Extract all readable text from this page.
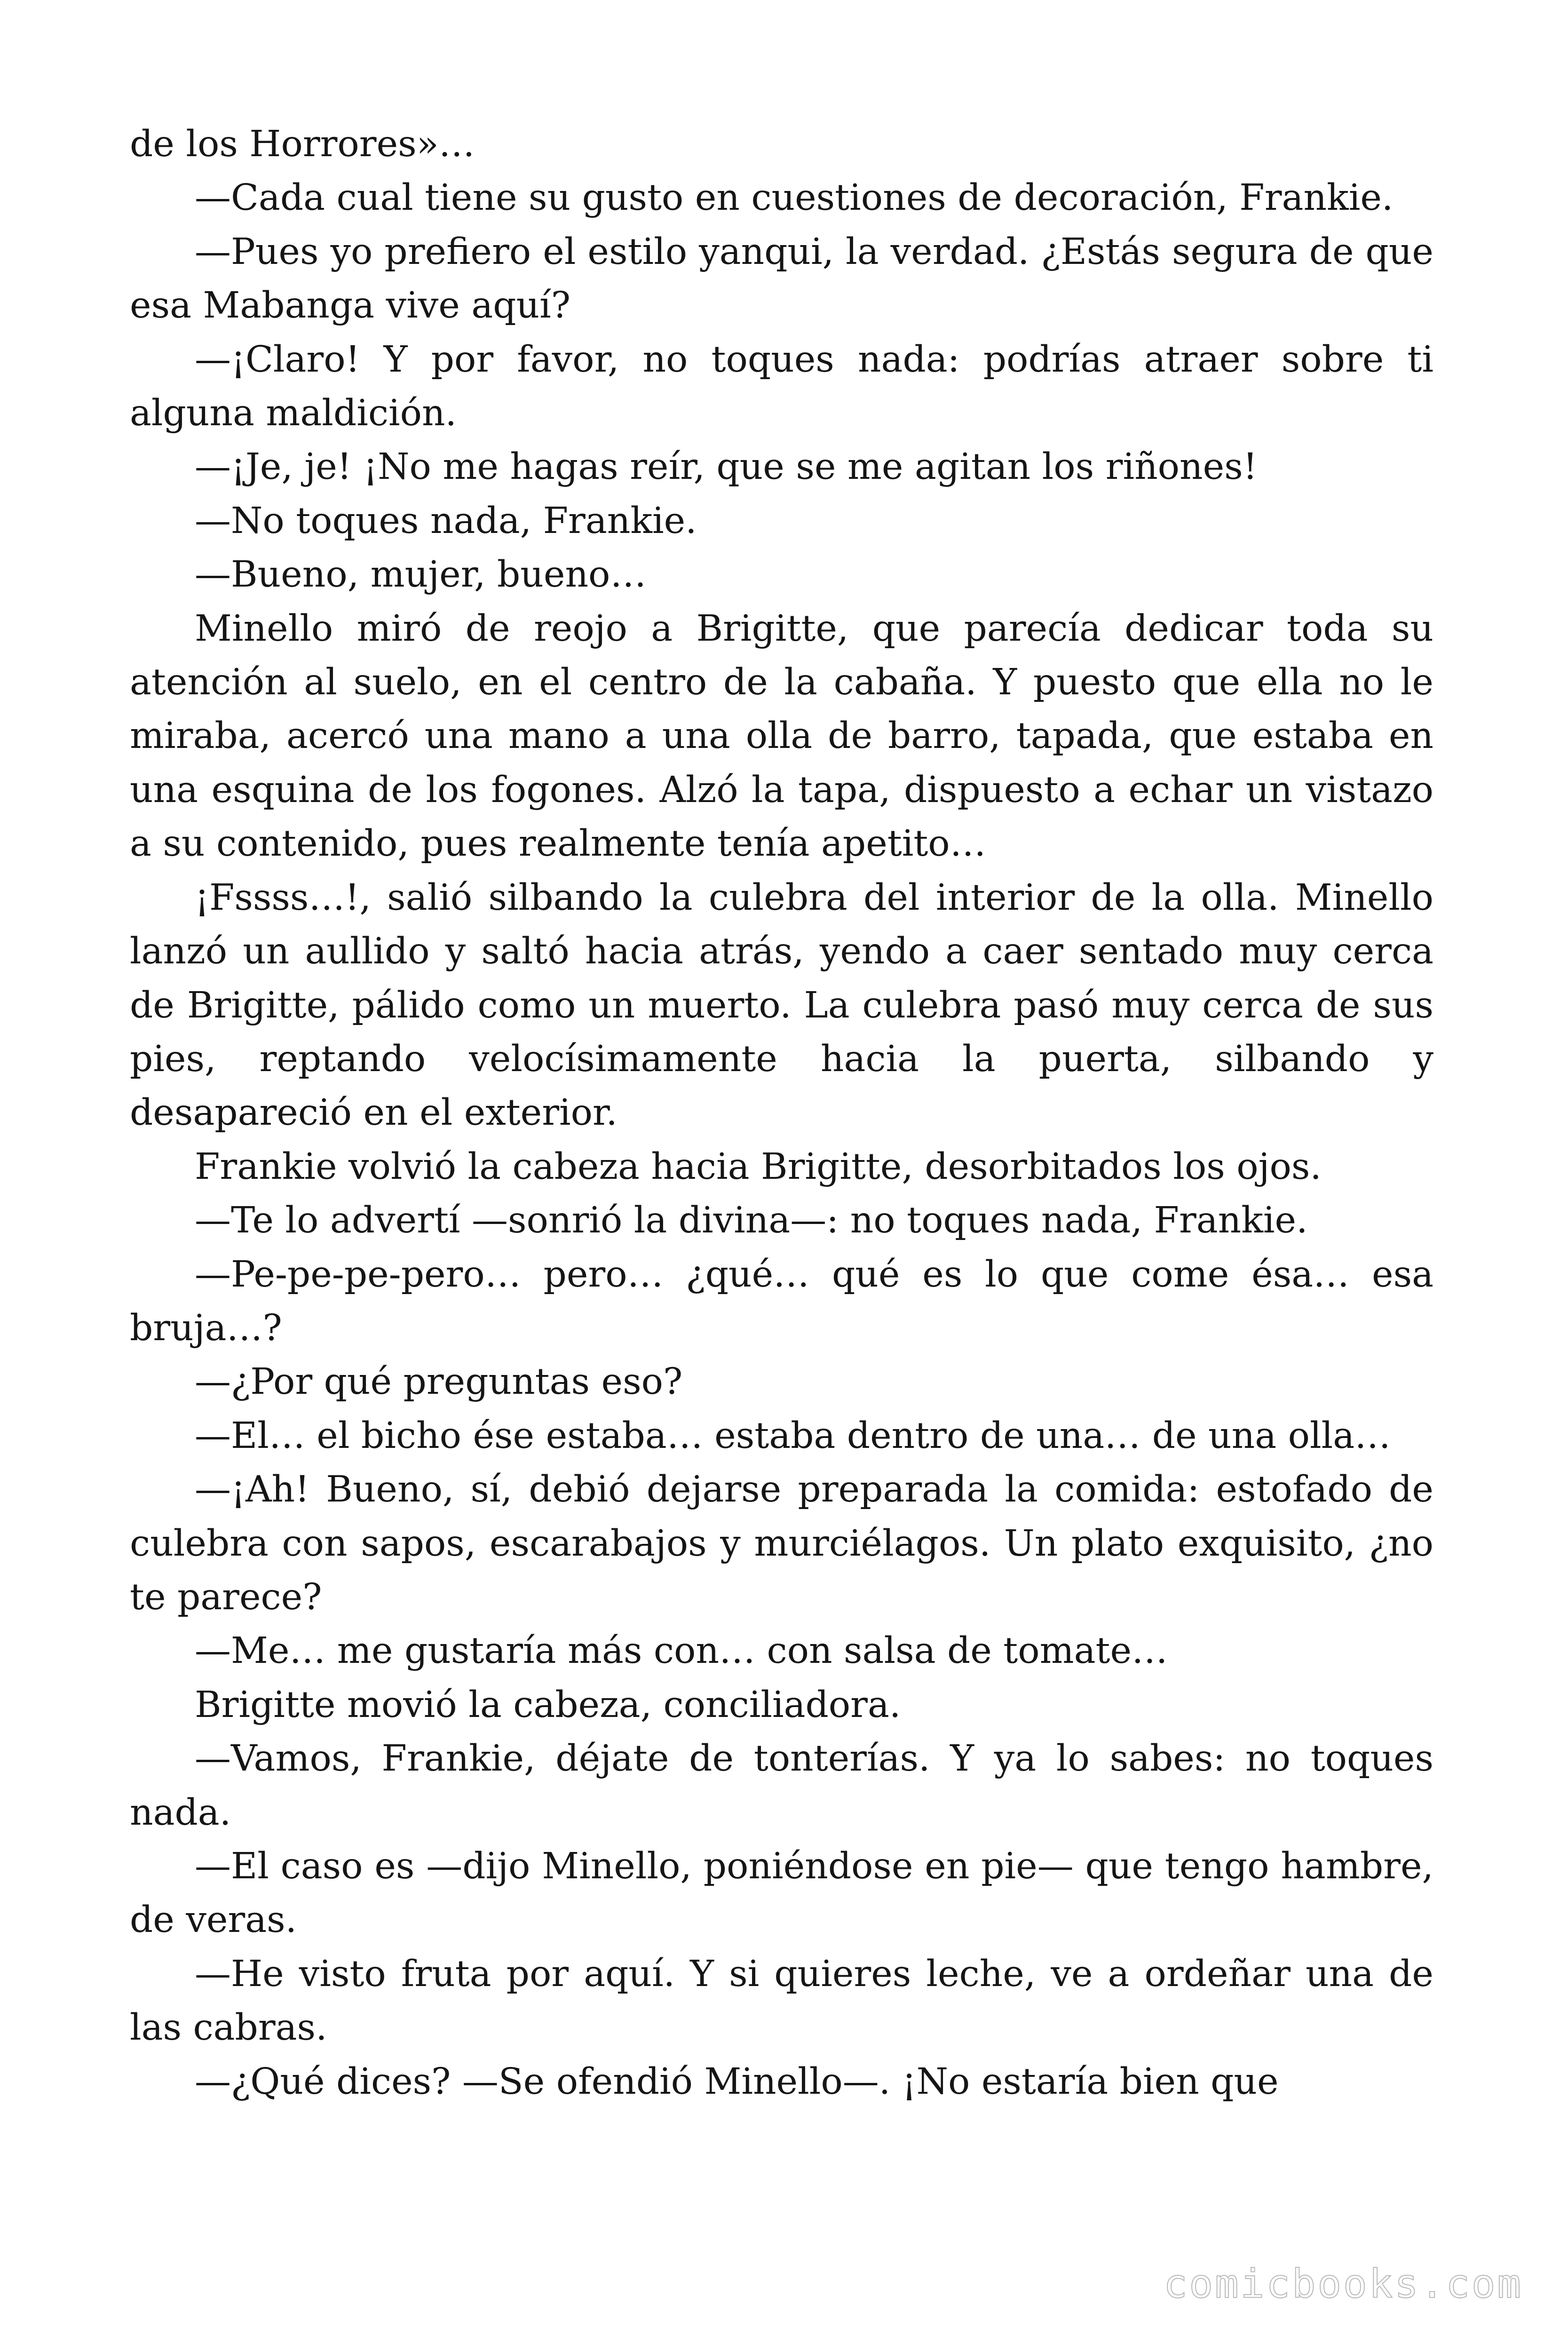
de los Horrores»…

—Cada cual tiene su gusto en cuestiones de decoración, Frankie.

—Pues yo prefiero el estilo yanqui, la verdad. ¿Estás segura de que esa Mabanga vive aquí?

—¡Claro! Y por favor, no toques nada: podrías atraer sobre ti alguna maldición.

—¡Je, je! ¡No me hagas reír, que se me agitan los riñones!

—No toques nada, Frankie.

—Bueno, mujer, bueno…

Minello miró de reojo a Brigitte, que parecía dedicar toda su atención al suelo, en el centro de la cabaña. Y puesto que ella no le miraba, acercó una mano a una olla de barro, tapada, que estaba en una esquina de los fogones. Alzó la tapa, dispuesto a echar un vistazo a su contenido, pues realmente tenía apetito…

¡Fssss…!, salió silbando la culebra del interior de la olla. Minello lanzó un aullido y saltó hacia atrás, yendo a caer sentado muy cerca de Brigitte, pálido como un muerto. La culebra pasó muy cerca de sus pies, reptando velocísimamente hacia la puerta, silbando y desapareció en el exterior.

Frankie volvió la cabeza hacia Brigitte, desorbitados los ojos.

—Te lo advertí —sonrió la divina—: no toques nada, Frankie.

—Pe-pe-pe-pero… pero… ¿qué… qué es lo que come ésa… esa bruja…?

—¿Por qué preguntas eso?

—El… el bicho ése estaba… estaba dentro de una… de una olla…

—¡Ah! Bueno, sí, debió dejarse preparada la comida: estofado de culebra con sapos, escarabajos y murciélagos. Un plato exquisito, ¿no te parece?

—Me… me gustaría más con… con salsa de tomate…

Brigitte movió la cabeza, conciliadora.

—Vamos, Frankie, déjate de tonterías. Y ya lo sabes: no toques nada.

—El caso es —dijo Minello, poniéndose en pie— que tengo hambre, de veras.

—He visto fruta por aquí. Y si quieres leche, ve a ordeñar una de las cabras.

—¿Qué dices? —Se ofendió Minello—. ¡No estaría bien que

comicbooks.com
